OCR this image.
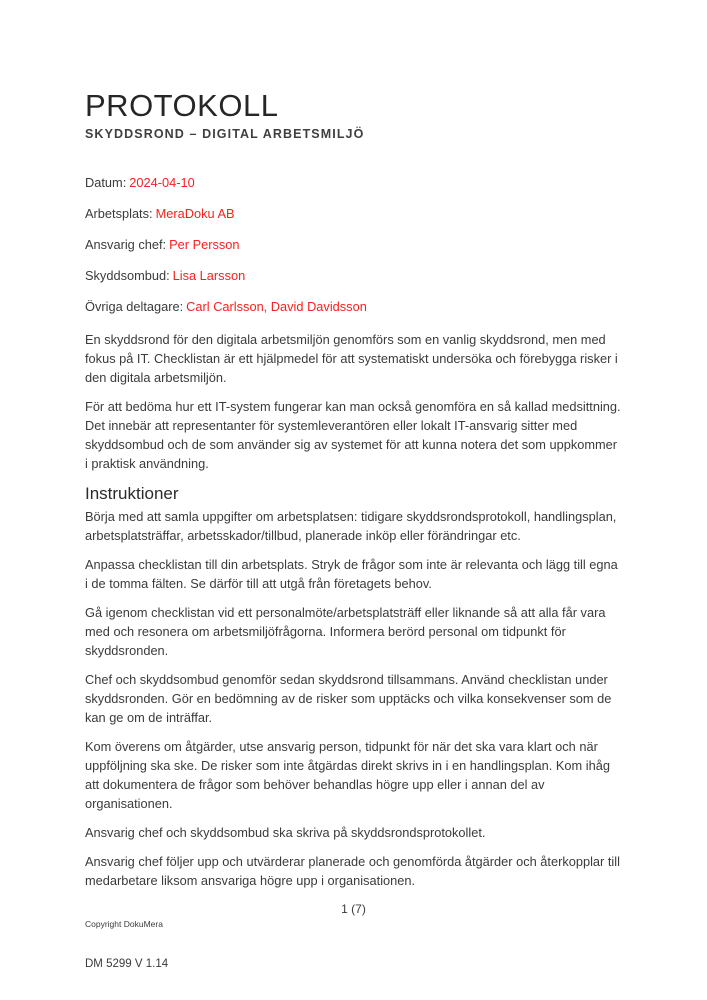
PROTOKOLL
SKYDDSROND – DIGITAL ARBETSMILJÖ
Datum: 2024-04-10
Arbetsplats: MeraDoku AB
Ansvarig chef: Per Persson
Skyddsombud: Lisa Larsson
Övriga deltagare: Carl Carlsson, David Davidsson

En skyddsrond för den digitala arbetsmiljön genomförs som en vanlig skyddsrond, men med fokus på IT. Checklistan är ett hjälpmedel för att systematiskt undersöka och förebygga risker i den digitala arbetsmiljön.

För att bedöma hur ett IT-system fungerar kan man också genomföra en så kallad medsittning. Det innebär att representanter för systemleverantören eller lokalt IT-ansvarig sitter med skyddsombud och de som använder sig av systemet för att kunna notera det som uppkommer i praktisk användning.

Instruktioner

Börja med att samla uppgifter om arbetsplatsen: tidigare skyddsrondsprotokoll, handlingsplan, arbetsplatsträffar, arbetsskador/tillbud, planerade inköp eller förändringar etc.

Anpassa checklistan till din arbetsplats. Stryk de frågor som inte är relevanta och lägg till egna i de tomma fälten. Se därför till att utgå från företagets behov.

Gå igenom checklistan vid ett personalmöte/arbetsplatsträff eller liknande så att alla får vara med och resonera om arbetsmiljöfrågorna. Informera berörd personal om tidpunkt för skyddsronden.

Chef och skyddsombud genomför sedan skyddsrond tillsammans. Använd checklistan under skyddsronden. Gör en bedömning av de risker som upptäcks och vilka konsekvenser som de kan ge om de inträffar.

Kom överens om åtgärder, utse ansvarig person, tidpunkt för när det ska vara klart och när uppföljning ska ske. De risker som inte åtgärdas direkt skrivs in i en handlingsplan. Kom ihåg att dokumentera de frågor som behöver behandlas högre upp eller i annan del av organisationen.

Ansvarig chef och skyddsombud ska skriva på skyddsrondsprotokollet.

Ansvarig chef följer upp och utvärderar planerade och genomförda åtgärder och återkopplar till medarbetare liksom ansvariga högre upp i organisationen.

1 (7)
Copyright DokuMera
DM 5299 V 1.14
